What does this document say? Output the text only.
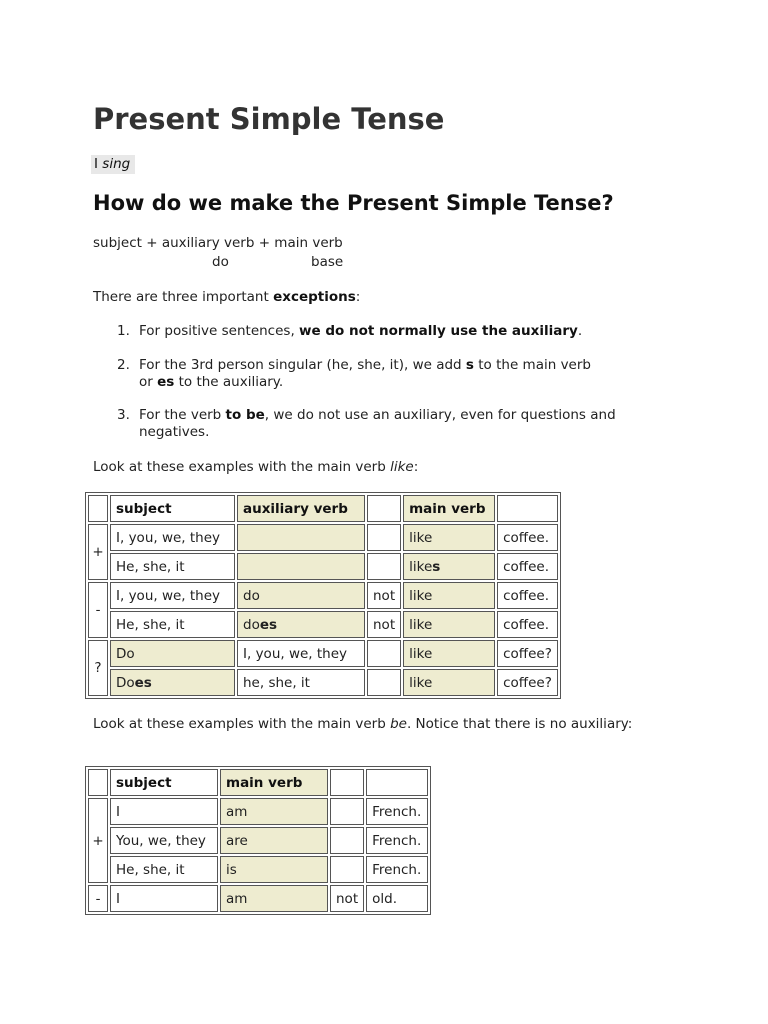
Present Simple Tense
I sing
How do we make the Present Simple Tense?
subject + auxiliary verb + main verb
do	base
There are three important exceptions:
1. For positive sentences, we do not normally use the auxiliary.
2. For the 3rd person singular (he, she, it), we add s to the main verb
or es to the auxiliary.
3. For the verb to be, we do not use an auxiliary, even for questions and
negatives.
Look at these examples with the main verb like:
	subject	auxiliary verb		main verb	
+	I, you, we, they			like	coffee.
	He, she, it			likes	coffee.
-	I, you, we, they	do	not	like	coffee.
	He, she, it	does	not	like	coffee.
?	Do	I, you, we, they		like	coffee?
	Does	he, she, it		like	coffee?
Look at these examples with the main verb be. Notice that there is no auxiliary:
	subject	main verb		
+	I	am		French.
	You, we, they	are		French.
	He, she, it	is		French.
-	I	am	not	old.
